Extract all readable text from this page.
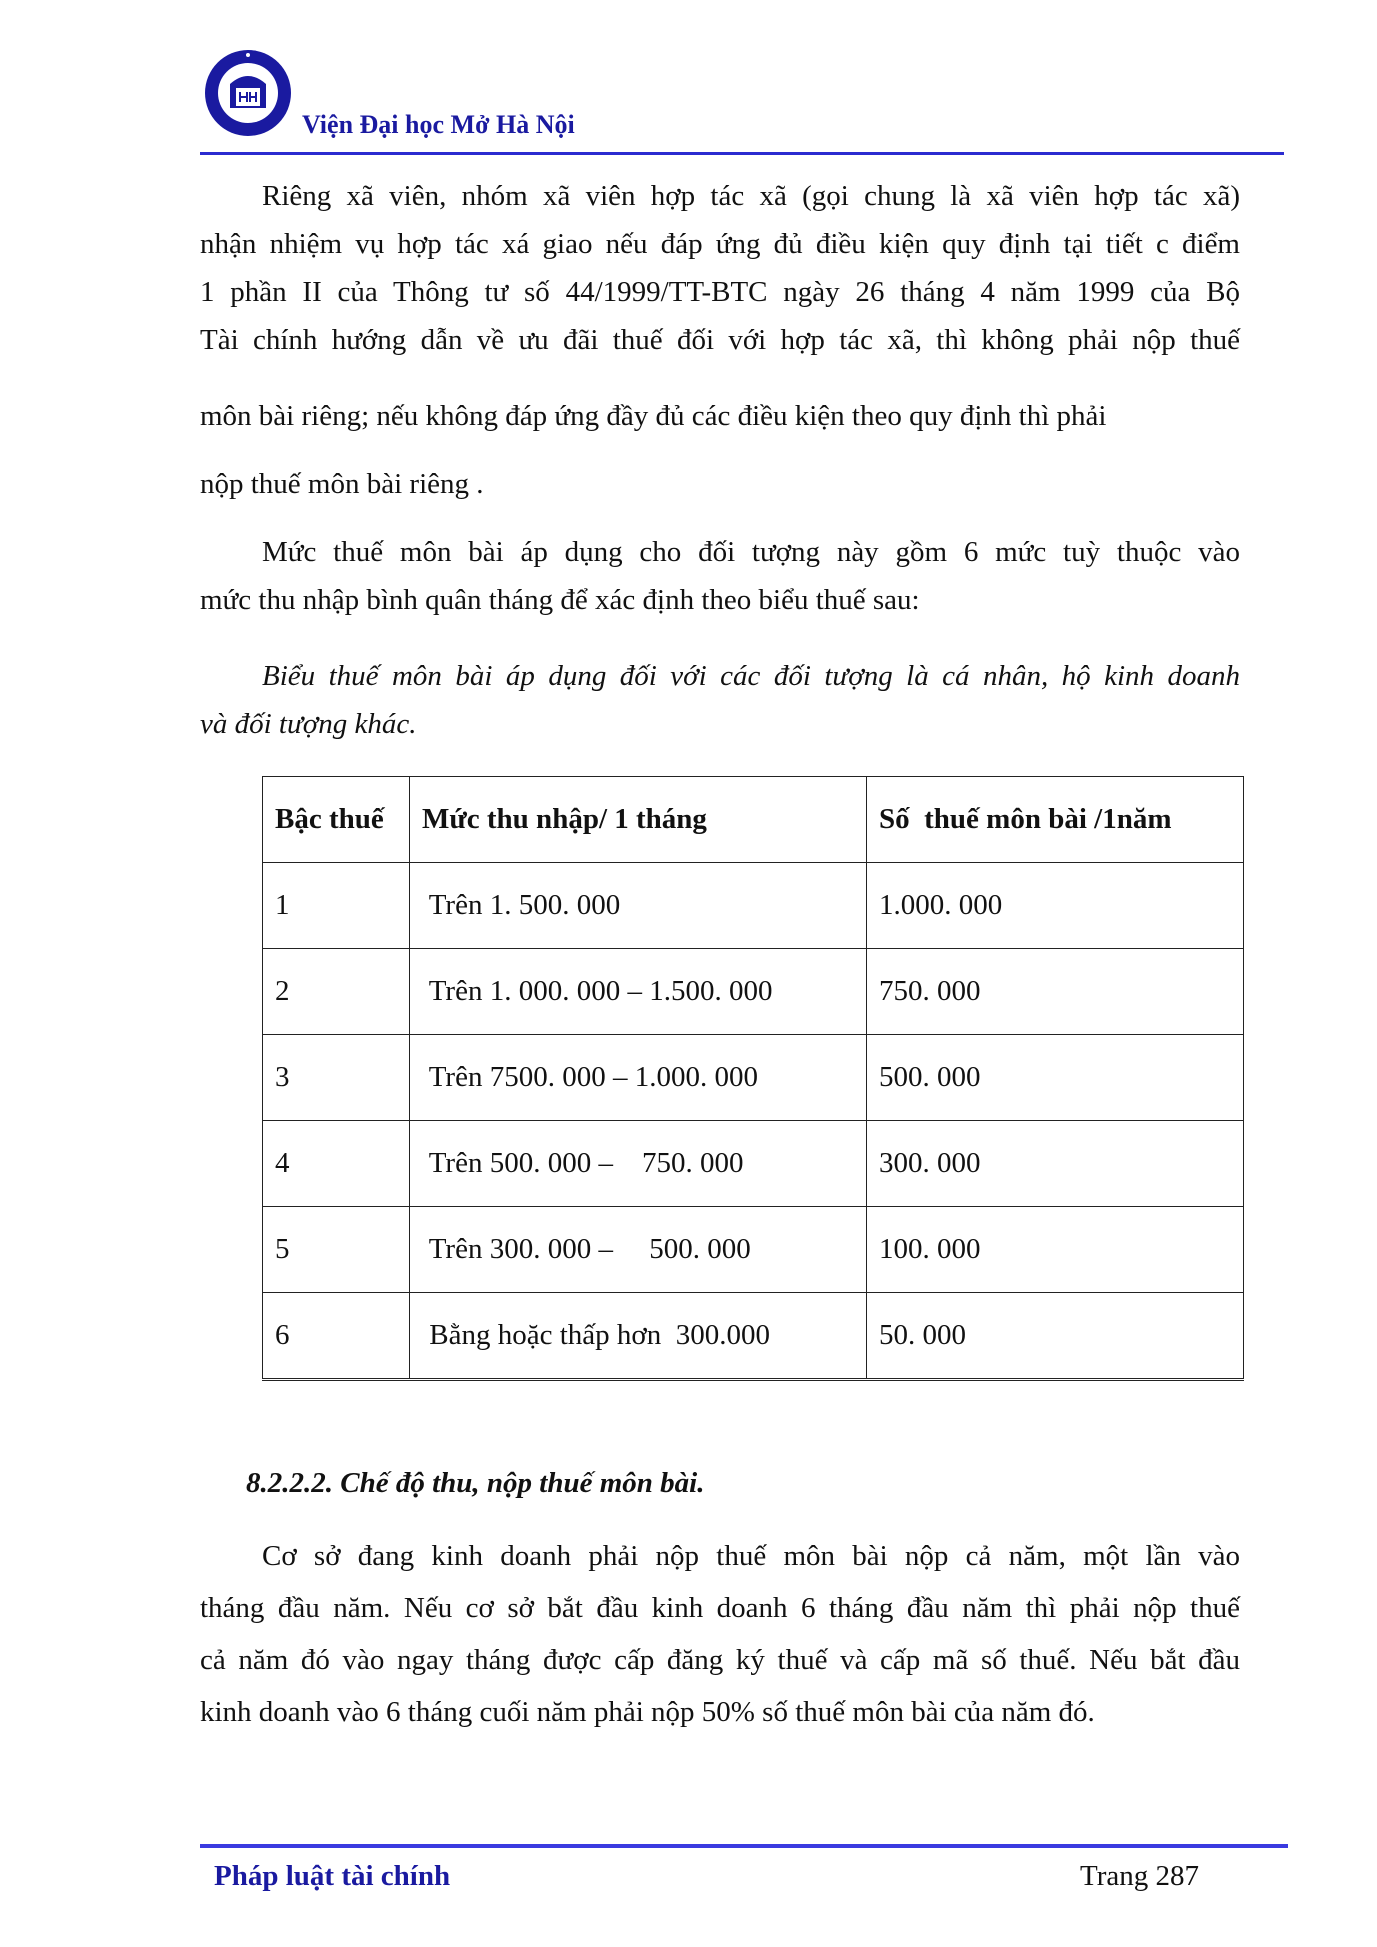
Viện Đại học Mở Hà Nội
Riêng xã viên, nhóm xã viên hợp tác xã (gọi chung là xã viên hợp tác xã)
nhận nhiệm vụ hợp tác xá giao nếu đáp ứng đủ điều kiện quy định tại tiết c điểm
1 phần II của Thông tư số 44/1999/TT-BTC ngày 26 tháng 4 năm 1999 của Bộ
Tài chính hướng dẫn về ưu đãi thuế đối với hợp tác xã, thì không phải nộp thuế
môn bài riêng; nếu không đáp ứng đầy đủ các điều kiện theo quy định thì phải
nộp thuế môn bài riêng .
Mức thuế môn bài áp dụng cho đối tượng này gồm 6 mức tuỳ thuộc vào
mức thu nhập bình quân tháng để xác định theo biểu thuế sau:
Biểu thuế môn bài áp dụng đối với các đối tượng là cá nhân, hộ kinh doanh
và đối tượng khác.
Bậc thuế	Mức thu nhập/ 1 tháng	Số  thuế môn bài /1năm
1	Trên 1. 500. 000	1.000. 000
2	Trên 1. 000. 000 – 1.500. 000	750. 000
3	Trên 7500. 000 – 1.000. 000	500. 000
4	Trên 500. 000 –    750. 000	300. 000
5	Trên 300. 000 –     500. 000	100. 000
6	Bằng hoặc thấp hơn  300.000	50. 000
8.2.2.2. Chế độ thu, nộp thuế môn bài.
Cơ sở đang kinh doanh phải nộp thuế môn bài nộp cả năm, một lần vào
tháng đầu năm. Nếu cơ sở bắt đầu kinh doanh 6 tháng đầu năm thì phải nộp thuế
cả năm đó vào ngay tháng được cấp đăng ký thuế và cấp mã số thuế. Nếu bắt đầu
kinh doanh vào 6 tháng cuối năm phải nộp 50% số thuế môn bài của năm đó.
Pháp luật tài chính	Trang 287
